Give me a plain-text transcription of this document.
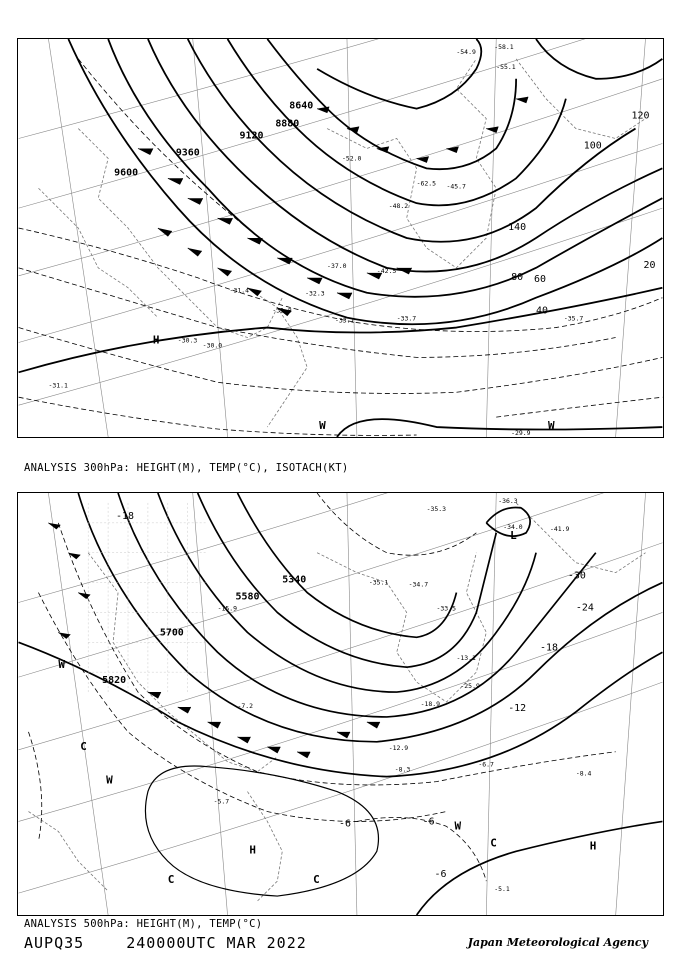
8640
8880
9120
9360
9600
20
40
60
80
100
120
140
H
W	W
-54.9
-58.1
-55.1
-62.5
-52.0
-48.2
-45.7
-42.5
-37.0
-33.1	-33.7	-35.7
-31.4
-30.3
-30.0
-31.8
-32.3
-29.9
-31.1
ANALYSIS 300hPa: HEIGHT(M), TEMP(°C), ISOTACH(KT)
5340
5580
5700
5820
-18
-12
-6
-30
-24
-18
-6
-6
L
H	H
W
W
W
C
C	C
C
-36.3
-35.3
-34.0	-41.9
-35.1	-34.7
-33.5
-25.9
-18.9
-15.9
-13.1
-12.9
-8.3
-6.7
-5.7
-5.1
-8.4
-7.2
ANALYSIS 500hPa: HEIGHT(M), TEMP(°C)
AUPQ35	240000UTC MAR 2022	Japan Meteorological Agency
